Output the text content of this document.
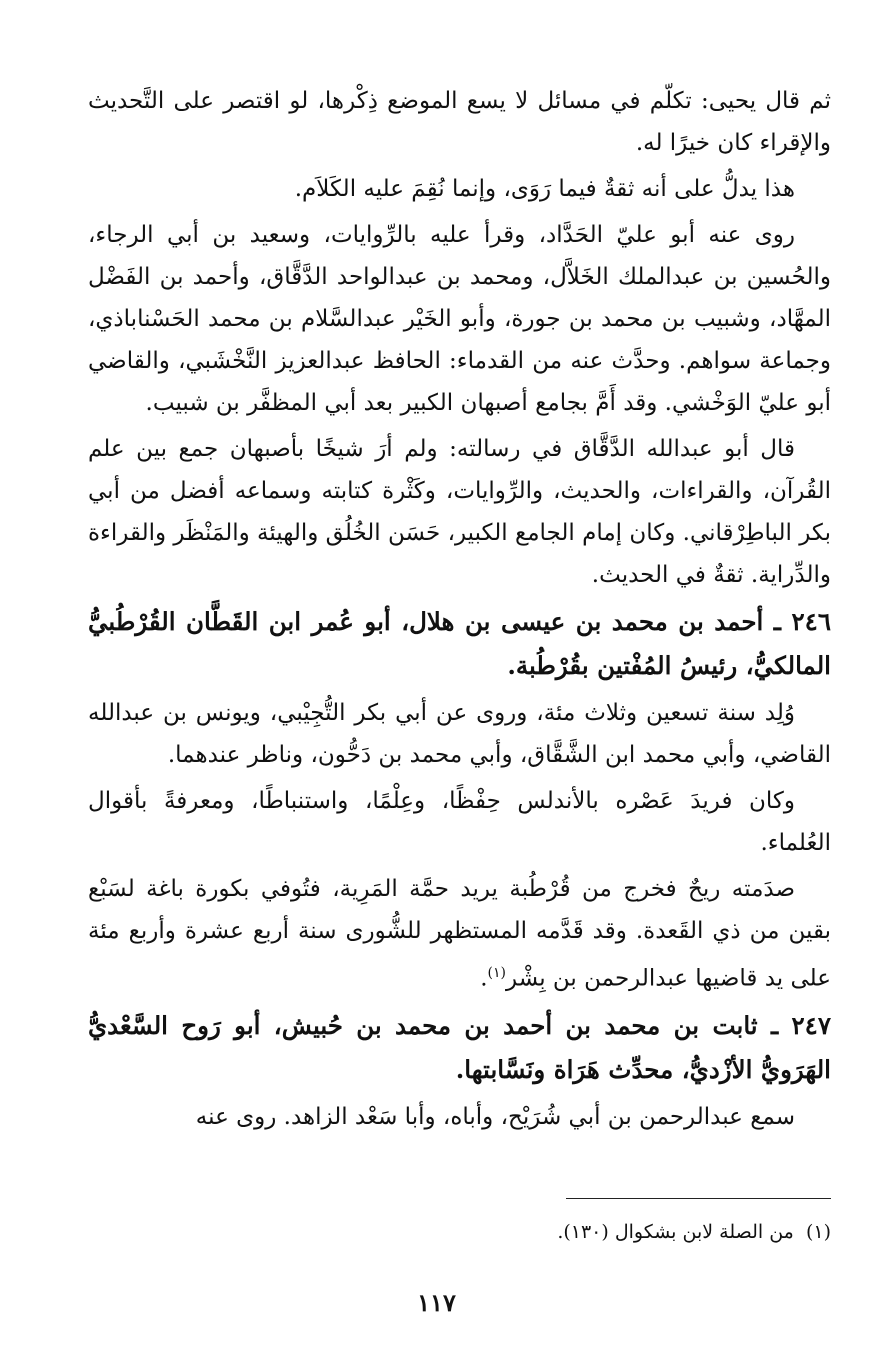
ثم قال يحيى: تكلّم في مسائل لا يسع الموضع ذِكْرها، لو اقتصر على التَّحديث والإقراء كان خيرًا له.

هذا يدلُّ على أنه ثقةٌ فيما رَوَى، وإنما نُقِمَ عليه الكَلاَم.

روى عنه أبو عليّ الحَدَّاد، وقرأ عليه بالرِّوايات، وسعيد بن أبي الرجاء، والحُسين بن عبدالملك الخَلاَّل، ومحمد بن عبدالواحد الدَّقَّاق، وأحمد بن الفَضْل المهَّاد، وشبيب بن محمد بن جورة، وأبو الخَيْر عبدالسَّلام بن محمد الحَسْناباذي، وجماعة سواهم. وحدَّث عنه من القدماء: الحافظ عبدالعزيز النَّخْشَبي، والقاضي أبو عليّ الوَخْشي. وقد أَمَّ بجامع أصبهان الكبير بعد أبي المظفَّر بن شبيب.

قال أبو عبدالله الدَّقَّاق في رسالته: ولم أرَ شيخًا بأصبهان جمع بين علم القُرآن، والقراءات، والحديث، والرِّوايات، وكَثْرة كتابته وسماعه أفضل من أبي بكر الباطِرْقاني. وكان إمام الجامع الكبير، حَسَن الخُلُق والهيئة والمَنْظَر والقراءة والدِّراية. ثقةٌ في الحديث.

٢٤٦ ـ أحمد بن محمد بن عيسى بن هلال، أبو عُمر ابن القَطَّان القُرْطُبيُّ المالكيُّ، رئيسُ المُفْتين بقُرْطُبة.

وُلِد سنة تسعين وثلاث مئة، وروى عن أبي بكر التُّجِيْبي، ويونس بن عبدالله القاضي، وأبي محمد ابن الشَّقَّاق، وأبي محمد بن دَحُّون، وناظر عندهما.

وكان فريدَ عَصْره بالأندلس حِفْظًا، وعِلْمًا، واستنباطًا، ومعرفةً بأقوال العُلماء.

صدَمته ريحٌ فخرج من قُرْطُبة يريد حمَّة المَرِية، فتُوفي بكورة باغة لسَبْع بقين من ذي القَعدة. وقد قَدَّمه المستظهر للشُّورى سنة أربع عشرة وأربع مئة على يد قاضيها عبدالرحمن بن بِشْر$^{(١)}$.

٢٤٧ ـ ثابت بن محمد بن أحمد بن محمد بن حُبيش، أبو رَوح السَّعْديُّ الهَرَويُّ الأزْديُّ، محدِّث هَرَاة ونَسَّابتها.

سمع عبدالرحمن بن أبي شُرَيْح، وأباه، وأبا سَعْد الزاهد. روى عنه

(١)  من الصلة لابن بشكوال (١٣٠).

١١٧
